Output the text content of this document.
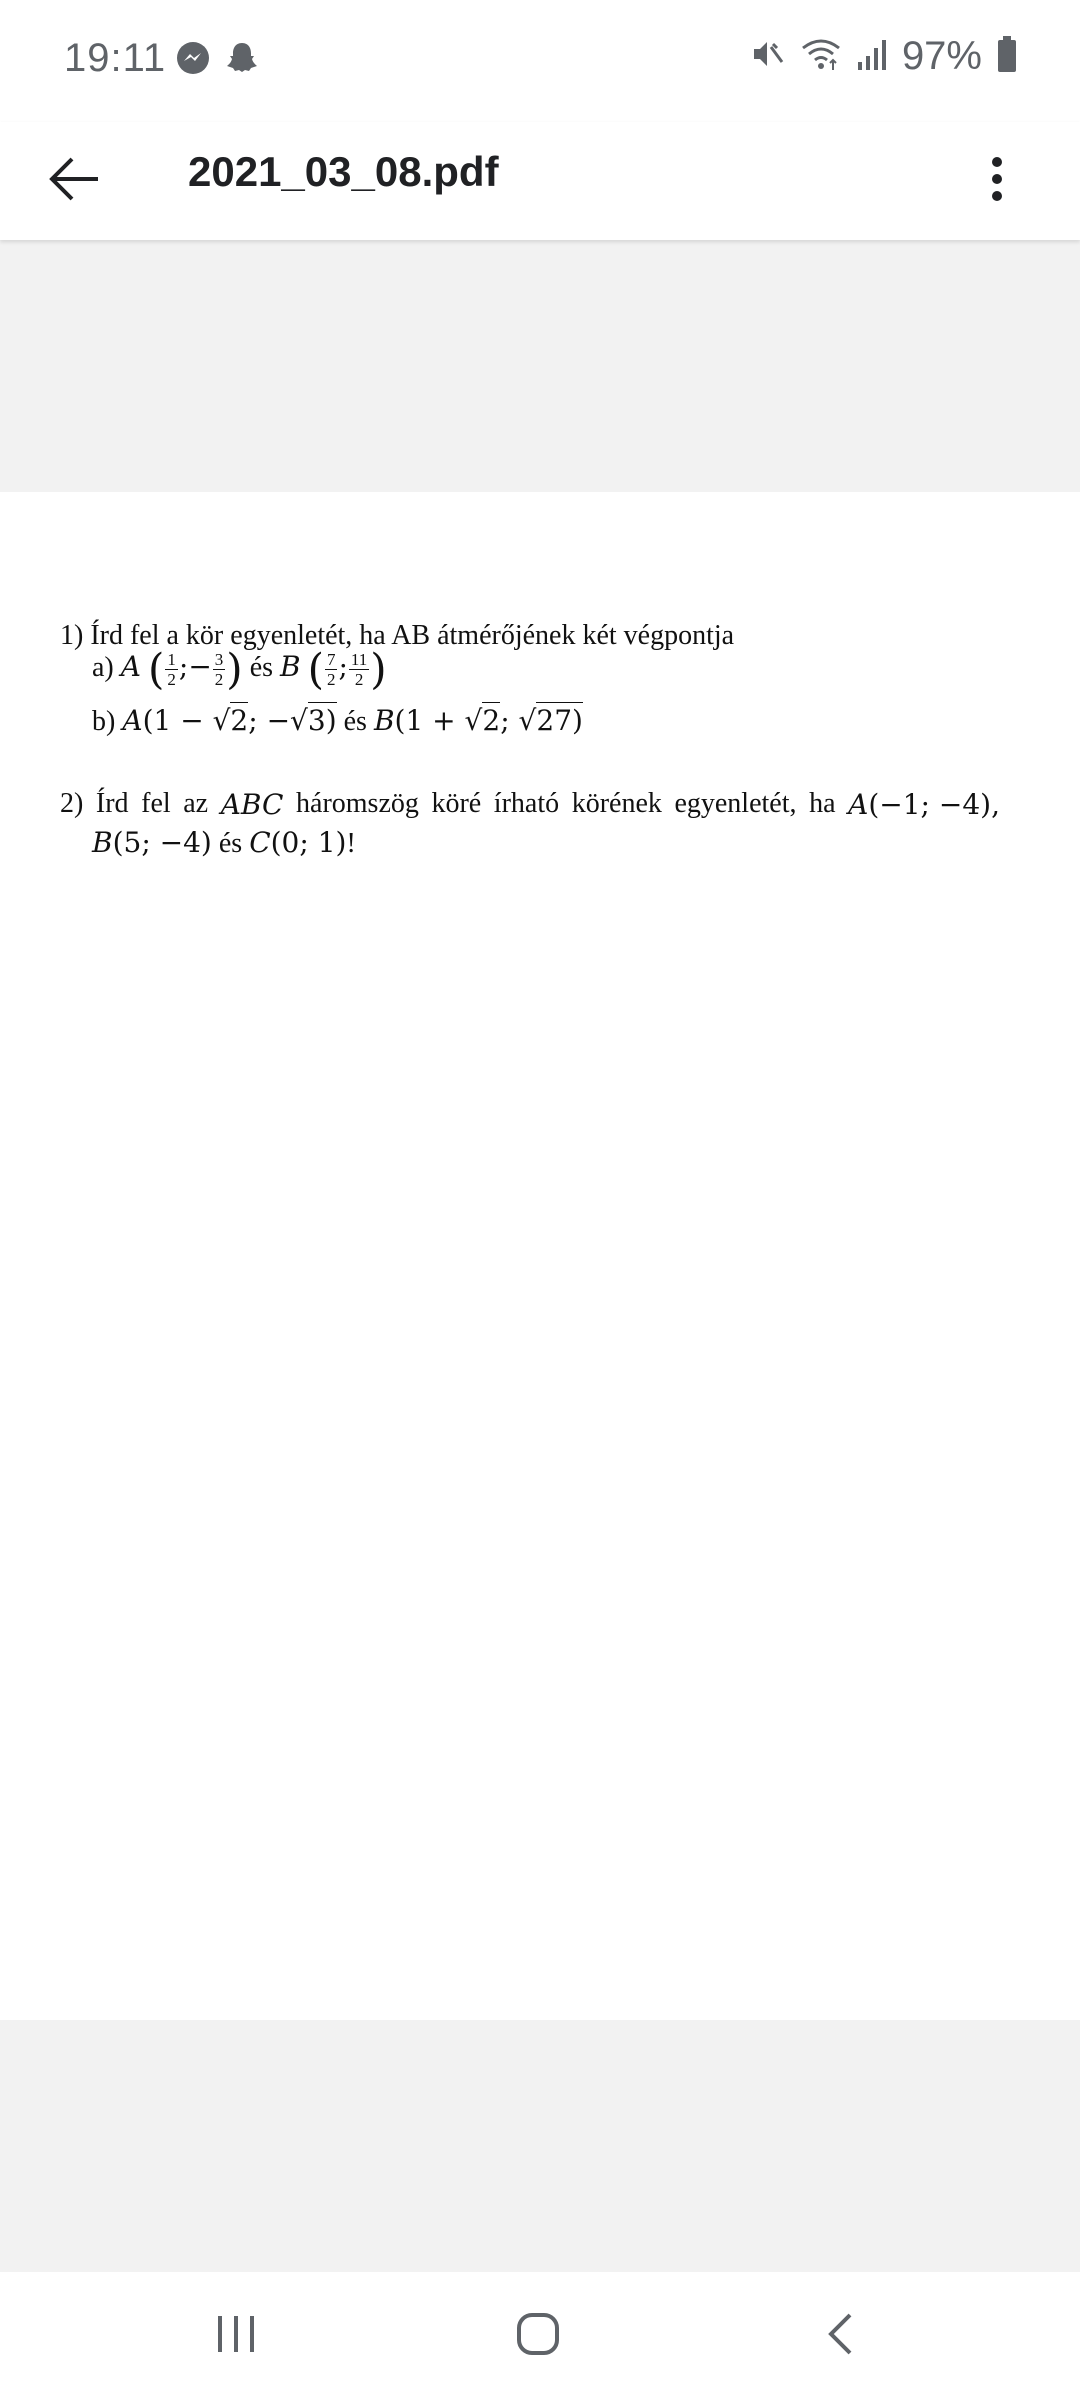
19:11	97%
2021_03_08.pdf
1) Írd fel a kör egyenletét, ha AB átmérőjének két végpontja
a) A ( $\frac{1}{2}$ ;− $\frac{3}{2}$ ) és B ( $\frac{7}{2}$ ; $\frac{11}{2}$ )
b) A(1 − √2; −√3) és B(1 + √2; √27)
2) Írd fel az ABC háromszög köré írható körének egyenletét, ha A(−1; −4),
B(5; −4) és C(0; 1)!
